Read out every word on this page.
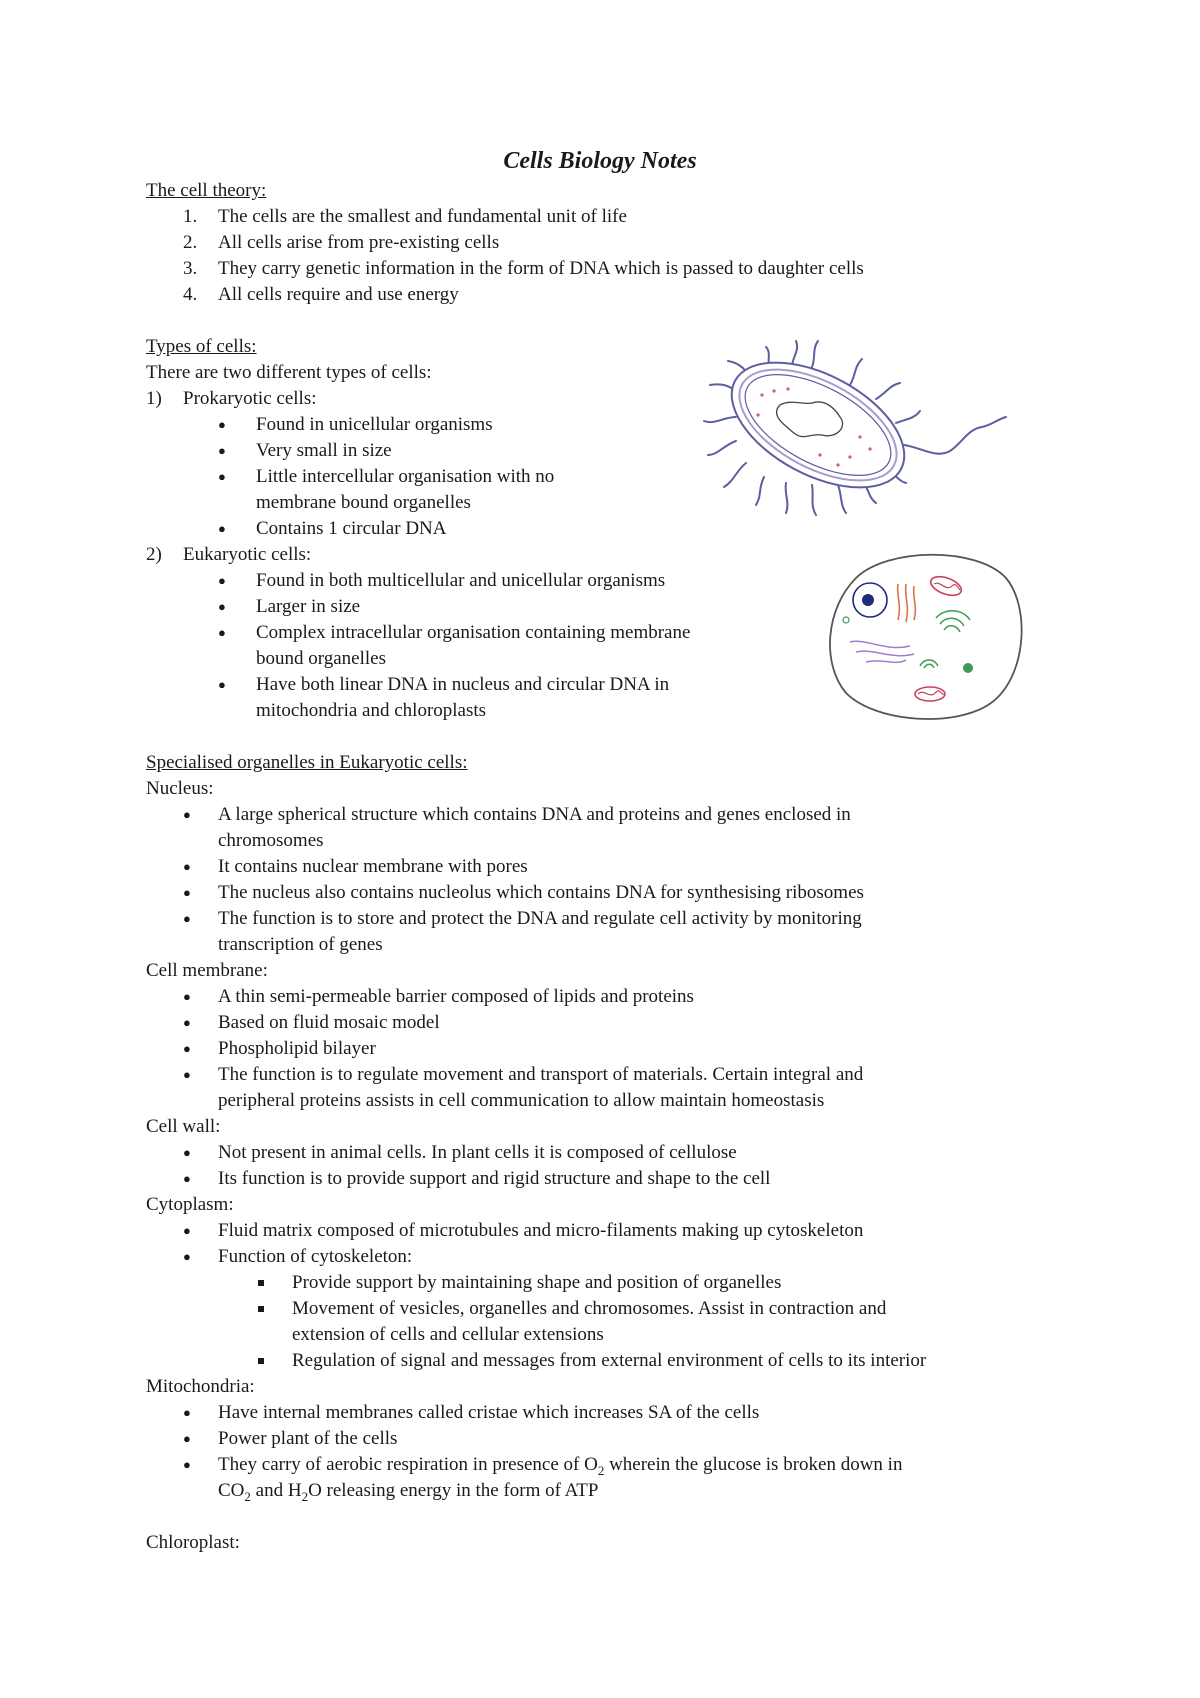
Cells Biology Notes
The cell theory:
1. The cells are the smallest and fundamental unit of life
2. All cells arise from pre-existing cells
3. They carry genetic information in the form of DNA which is passed to daughter cells
4. All cells require and use energy
Types of cells:
There are two different types of cells:
1) Prokaryotic cells:
● Found in unicellular organisms
● Very small in size
● Little intercellular organisation with no
membrane bound organelles
● Contains 1 circular DNA
2) Eukaryotic cells:
● Found in both multicellular and unicellular organisms
● Larger in size
● Complex intracellular organisation containing membrane
bound organelles
● Have both linear DNA in nucleus and circular DNA in
mitochondria and chloroplasts
Specialised organelles in Eukaryotic cells:
Nucleus:
● A large spherical structure which contains DNA and proteins and genes enclosed in
chromosomes
● It contains nuclear membrane with pores
● The nucleus also contains nucleolus which contains DNA for synthesising ribosomes
● The function is to store and protect the DNA and regulate cell activity by monitoring
transcription of genes
Cell membrane:
● A thin semi-permeable barrier composed of lipids and proteins
● Based on fluid mosaic model
● Phospholipid bilayer
● The function is to regulate movement and transport of materials. Certain integral and
peripheral proteins assists in cell communication to allow maintain homeostasis
Cell wall:
● Not present in animal cells. In plant cells it is composed of cellulose
● Its function is to provide support and rigid structure and shape to the cell
Cytoplasm:
● Fluid matrix composed of microtubules and micro-filaments making up cytoskeleton
● Function of cytoskeleton:
Provide support by maintaining shape and position of organelles
Movement of vesicles, organelles and chromosomes. Assist in contraction and
extension of cells and cellular extensions
Regulation of signal and messages from external environment of cells to its interior
Mitochondria:
● Have internal membranes called cristae which increases SA of the cells
● Power plant of the cells
● They carry of aerobic respiration in presence of $O_2$ wherein the glucose is broken down in
$CO_2$ and $H_2O$ releasing energy in the form of ATP
Chloroplast:
